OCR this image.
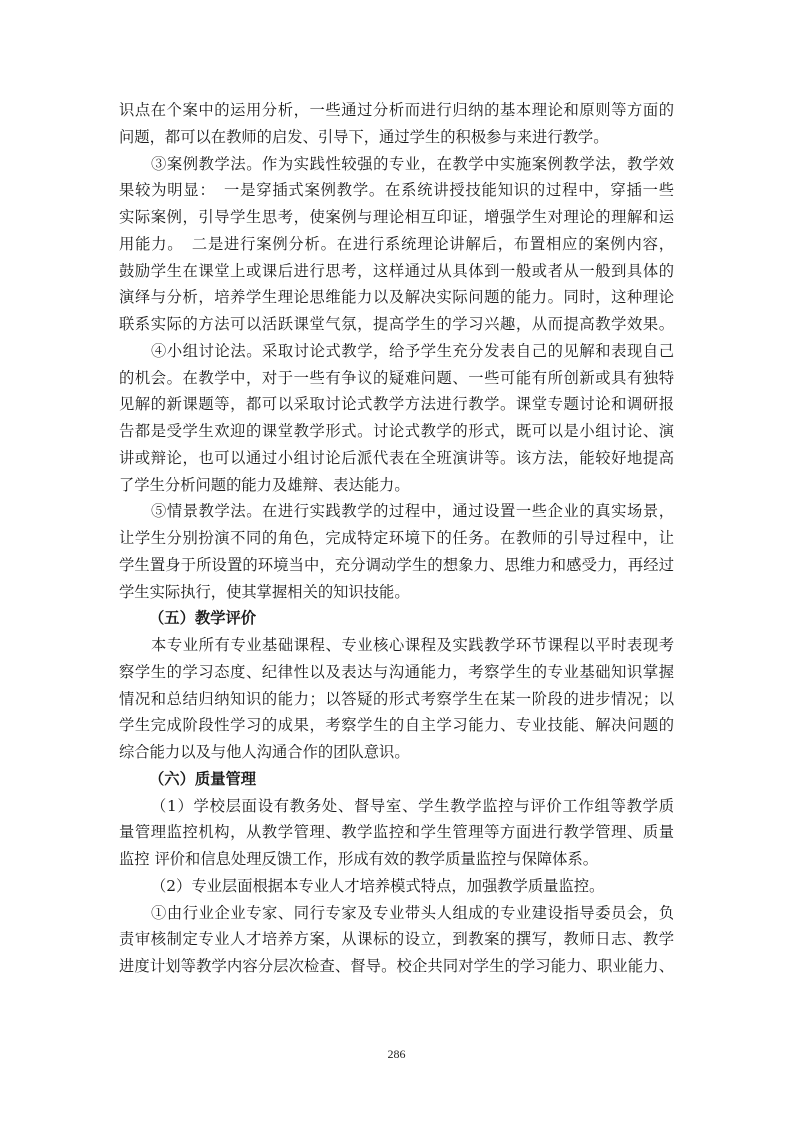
识点在个案中的运用分析，一些通过分析而进行归纳的基本理论和原则等方面的
问题，都可以在教师的启发、引导下，通过学生的积极参与来进行教学。
③案例教学法。作为实践性较强的专业，在教学中实施案例教学法，教学效
果较为明显：　一是穿插式案例教学。在系统讲授技能知识的过程中，穿插一些
实际案例，引导学生思考，使案例与理论相互印证，增强学生对理论的理解和运
用能力。　二是进行案例分析。在进行系统理论讲解后，布置相应的案例内容，
鼓励学生在课堂上或课后进行思考，这样通过从具体到一般或者从一般到具体的
演绎与分析，培养学生理论思维能力以及解决实际问题的能力。同时，这种理论
联系实际的方法可以活跃课堂气氛，提高学生的学习兴趣，从而提高教学效果。
④小组讨论法。采取讨论式教学，给予学生充分发表自己的见解和表现自己
的机会。在教学中，对于一些有争议的疑难问题、一些可能有所创新或具有独特
见解的新课题等，都可以采取讨论式教学方法进行教学。课堂专题讨论和调研报
告都是受学生欢迎的课堂教学形式。讨论式教学的形式，既可以是小组讨论、演
讲或辩论，也可以通过小组讨论后派代表在全班演讲等。该方法，能较好地提高
了学生分析问题的能力及雄辩、表达能力。
⑤情景教学法。在进行实践教学的过程中，通过设置一些企业的真实场景，
让学生分别扮演不同的角色，完成特定环境下的任务。在教师的引导过程中，让
学生置身于所设置的环境当中，充分调动学生的想象力、思维力和感受力，再经过
学生实际执行，使其掌握相关的知识技能。
（五）教学评价
本专业所有专业基础课程、专业核心课程及实践教学环节课程以平时表现考
察学生的学习态度、纪律性以及表达与沟通能力，考察学生的专业基础知识掌握
情况和总结归纳知识的能力；以答疑的形式考察学生在某一阶段的进步情况；以
学生完成阶段性学习的成果，考察学生的自主学习能力、专业技能、解决问题的
综合能力以及与他人沟通合作的团队意识。
（六）质量管理
（1）学校层面设有教务处、督导室、学生教学监控与评价工作组等教学质
量管理监控机构，从教学管理、教学监控和学生管理等方面进行教学管理、质量
监控 评价和信息处理反馈工作，形成有效的教学质量监控与保障体系。
（2）专业层面根据本专业人才培养模式特点，加强教学质量监控。
①由行业企业专家、同行专家及专业带头人组成的专业建设指导委员会，负
责审核制定专业人才培养方案，从课标的设立，到教案的撰写，教师日志、教学
进度计划等教学内容分层次检查、督导。校企共同对学生的学习能力、职业能力、
286
